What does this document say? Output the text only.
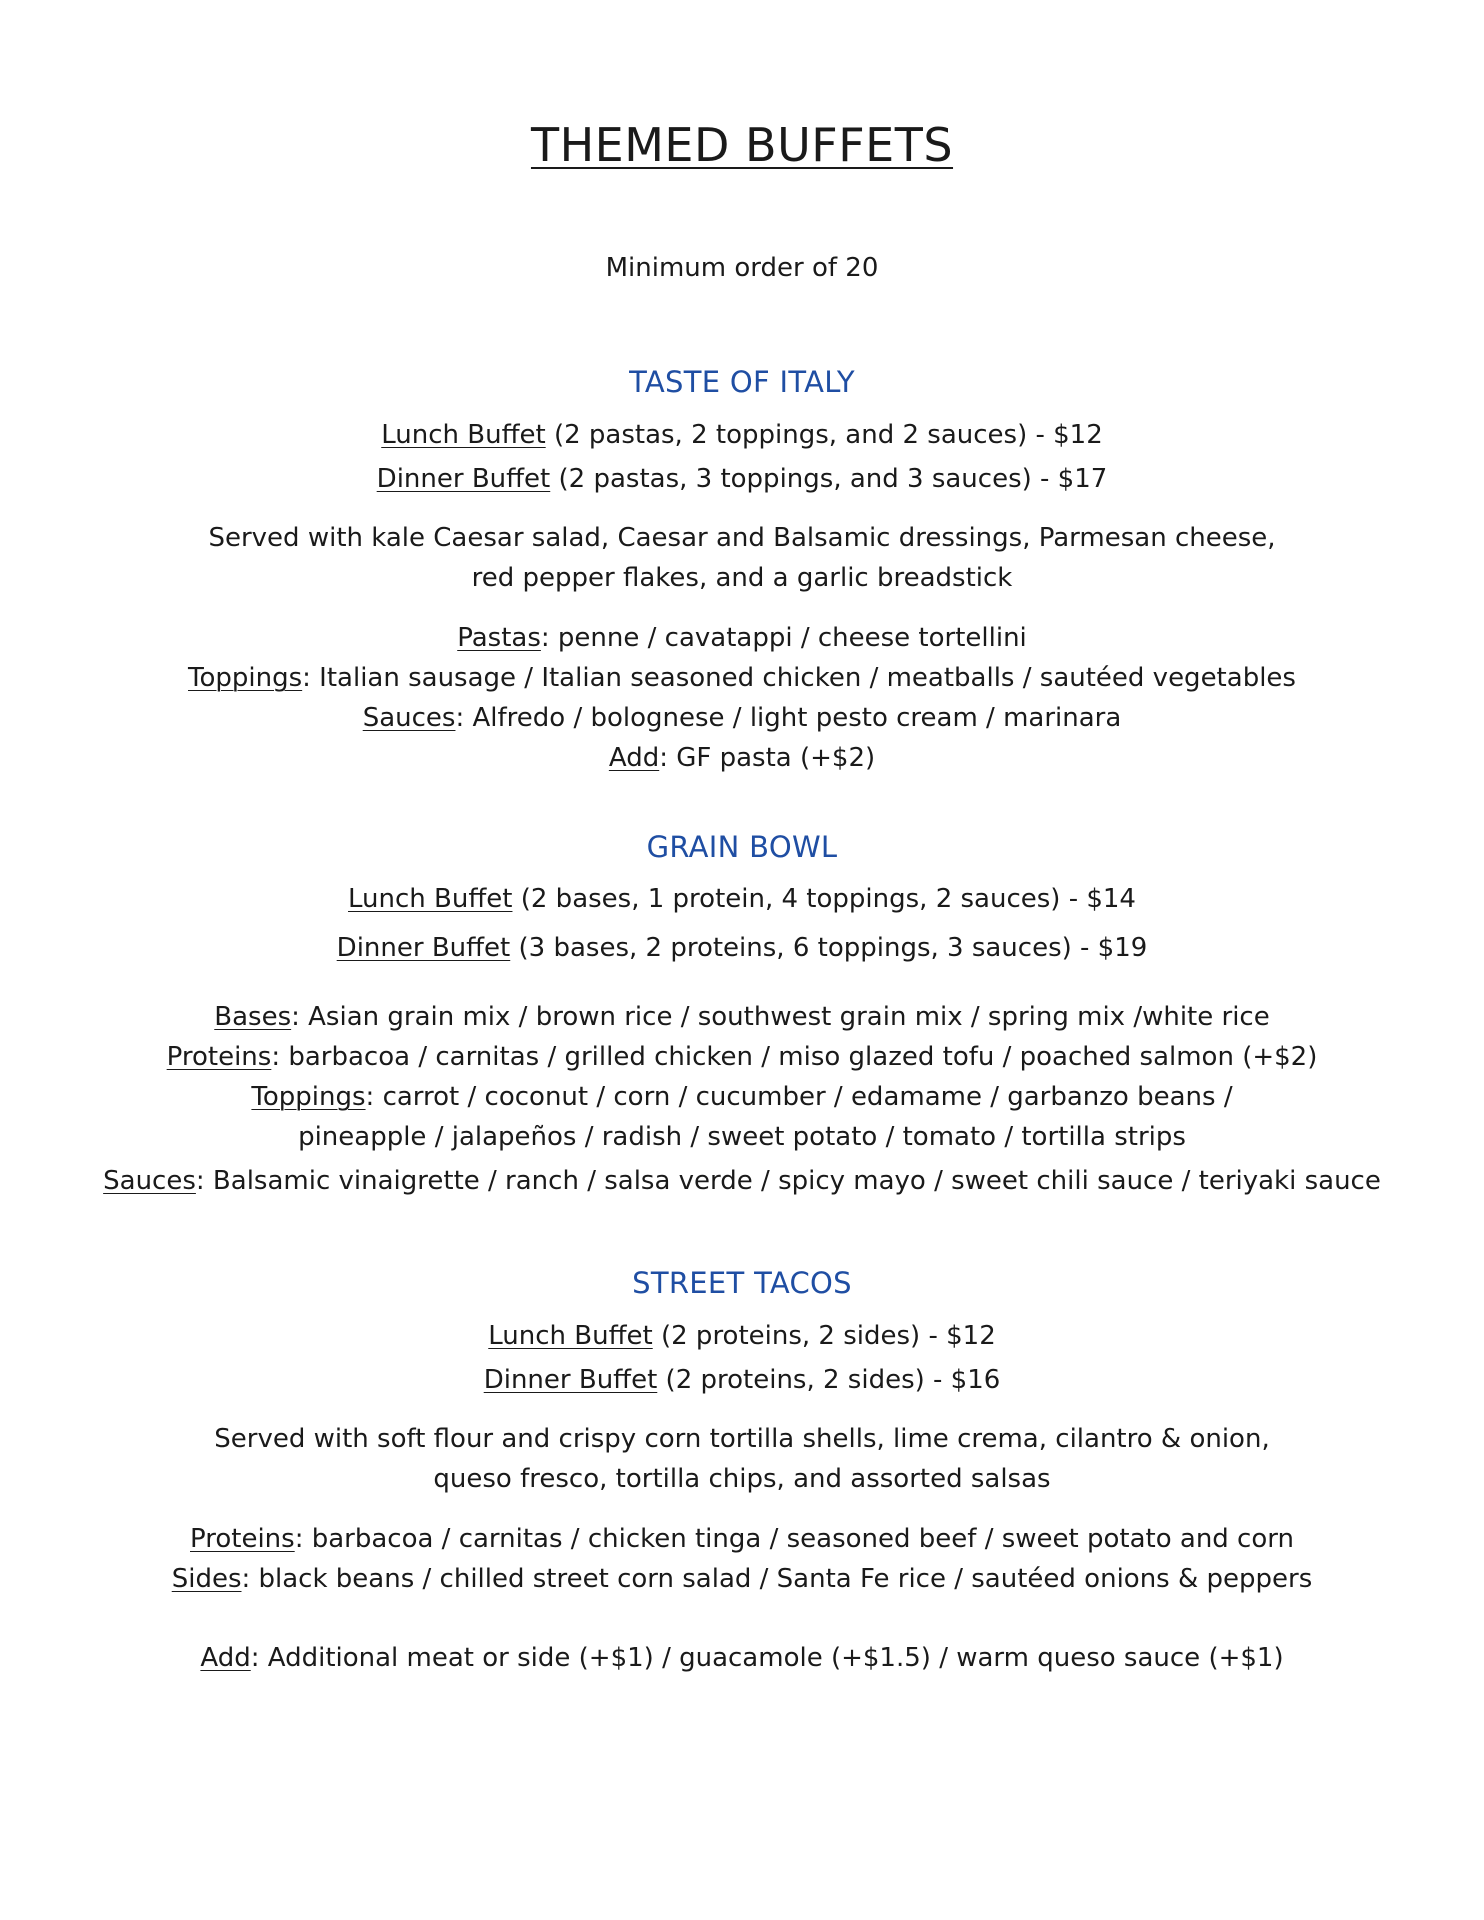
THEMED BUFFETS
Minimum order of 20
TASTE OF ITALY
Lunch Buffet (2 pastas, 2 toppings, and 2 sauces) - $12
Dinner Buffet (2 pastas, 3 toppings, and 3 sauces) - $17
Served with kale Caesar salad, Caesar and Balsamic dressings, Parmesan cheese,
red pepper flakes, and a garlic breadstick
Pastas: penne / cavatappi / cheese tortellini
Toppings: Italian sausage / Italian seasoned chicken / meatballs / sautéed vegetables
Sauces: Alfredo / bolognese / light pesto cream / marinara
Add: GF pasta (+$2)
GRAIN BOWL
Lunch Buffet (2 bases, 1 protein, 4 toppings, 2 sauces) - $14
Dinner Buffet (3 bases, 2 proteins, 6 toppings, 3 sauces) - $19
Bases: Asian grain mix / brown rice / southwest grain mix / spring mix /white rice
Proteins: barbacoa / carnitas / grilled chicken / miso glazed tofu / poached salmon (+$2)
Toppings: carrot / coconut / corn / cucumber / edamame / garbanzo beans /
pineapple / jalapeños / radish / sweet potato / tomato / tortilla strips
Sauces: Balsamic vinaigrette / ranch / salsa verde / spicy mayo / sweet chili sauce / teriyaki sauce
STREET TACOS
Lunch Buffet (2 proteins, 2 sides) - $12
Dinner Buffet (2 proteins, 2 sides) - $16
Served with soft flour and crispy corn tortilla shells, lime crema, cilantro & onion,
queso fresco, tortilla chips, and assorted salsas
Proteins: barbacoa / carnitas / chicken tinga / seasoned beef / sweet potato and corn
Sides: black beans / chilled street corn salad / Santa Fe rice / sautéed onions & peppers
Add: Additional meat or side (+$1) / guacamole (+$1.5) / warm queso sauce (+$1)
